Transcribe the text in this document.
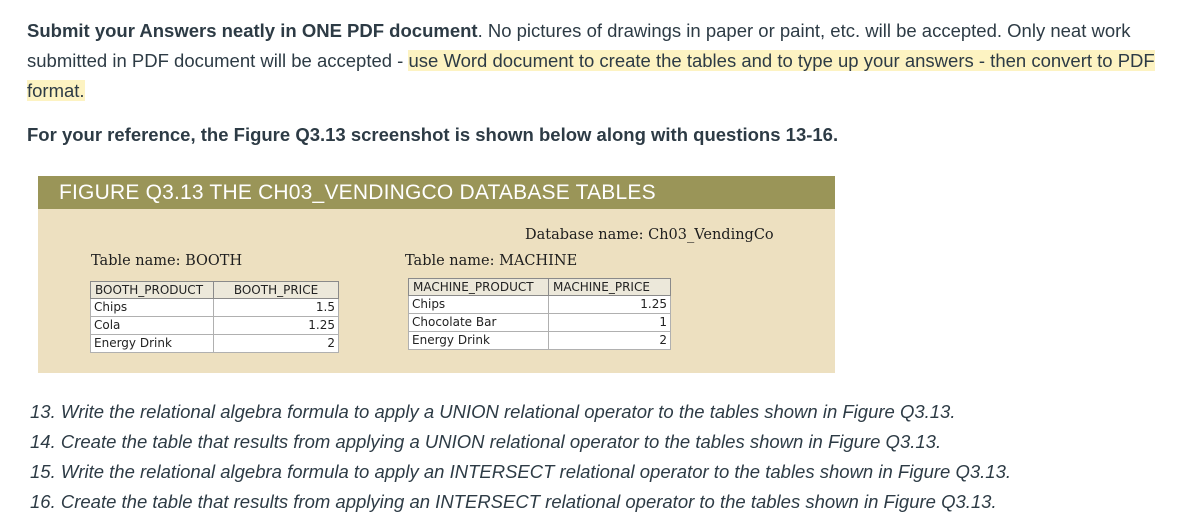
Submit your Answers neatly in ONE PDF document. No pictures of drawings in paper or paint, etc. will be accepted. Only neat work submitted in PDF document will be accepted - use Word document to create the tables and to type up your answers - then convert to PDF format.
For your reference, the Figure Q3.13 screenshot is shown below along with questions 13-16.
FIGURE Q3.13 THE CH03_VENDINGCO DATABASE TABLES
Database name: Ch03_VendingCo
Table name: BOOTH	Table name: MACHINE
BOOTH_PRODUCT	BOOTH_PRICE
Chips	1.5
Cola	1.25
Energy Drink	2
MACHINE_PRODUCT	MACHINE_PRICE
Chips	1.25
Chocolate Bar	1
Energy Drink	2
13. Write the relational algebra formula to apply a UNION relational operator to the tables shown in Figure Q3.13.
14. Create the table that results from applying a UNION relational operator to the tables shown in Figure Q3.13.
15. Write the relational algebra formula to apply an INTERSECT relational operator to the tables shown in Figure Q3.13.
16. Create the table that results from applying an INTERSECT relational operator to the tables shown in Figure Q3.13.
